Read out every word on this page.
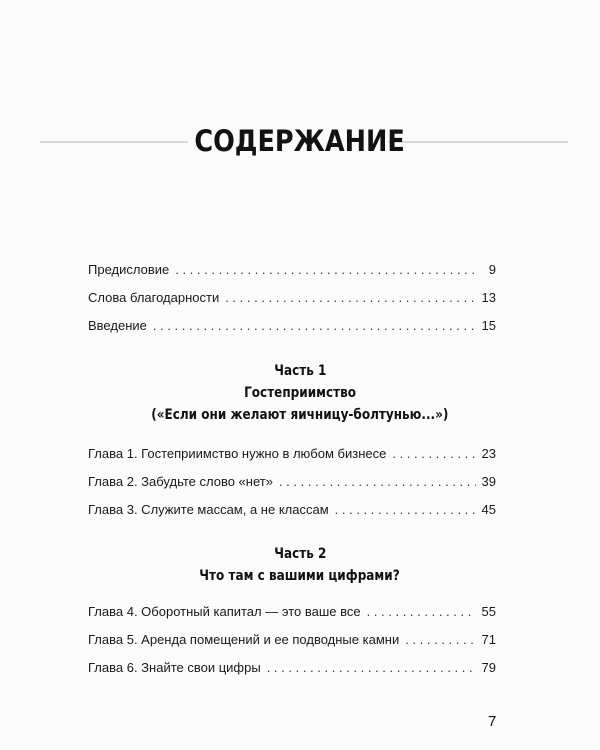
СОДЕРЖАНИЕ
Предисловие . . .	9
Слова благодарности . . .	13
Введение . . .	15
Часть 1
Гостеприимство
(«Если они желают яичницу-болтунью...»)
Глава 1. Гостеприимство нужно в любом бизнесе . . .	23
Глава 2. Забудьте слово «нет» . . .	39
Глава 3. Служите массам, а не классам . . .	45
Часть 2
Что там с вашими цифрами?
Глава 4. Оборотный капитал — это ваше все . . .	55
Глава 5. Аренда помещений и ее подводные камни . . .	71
Глава 6. Знайте свои цифры . . .	79
7
